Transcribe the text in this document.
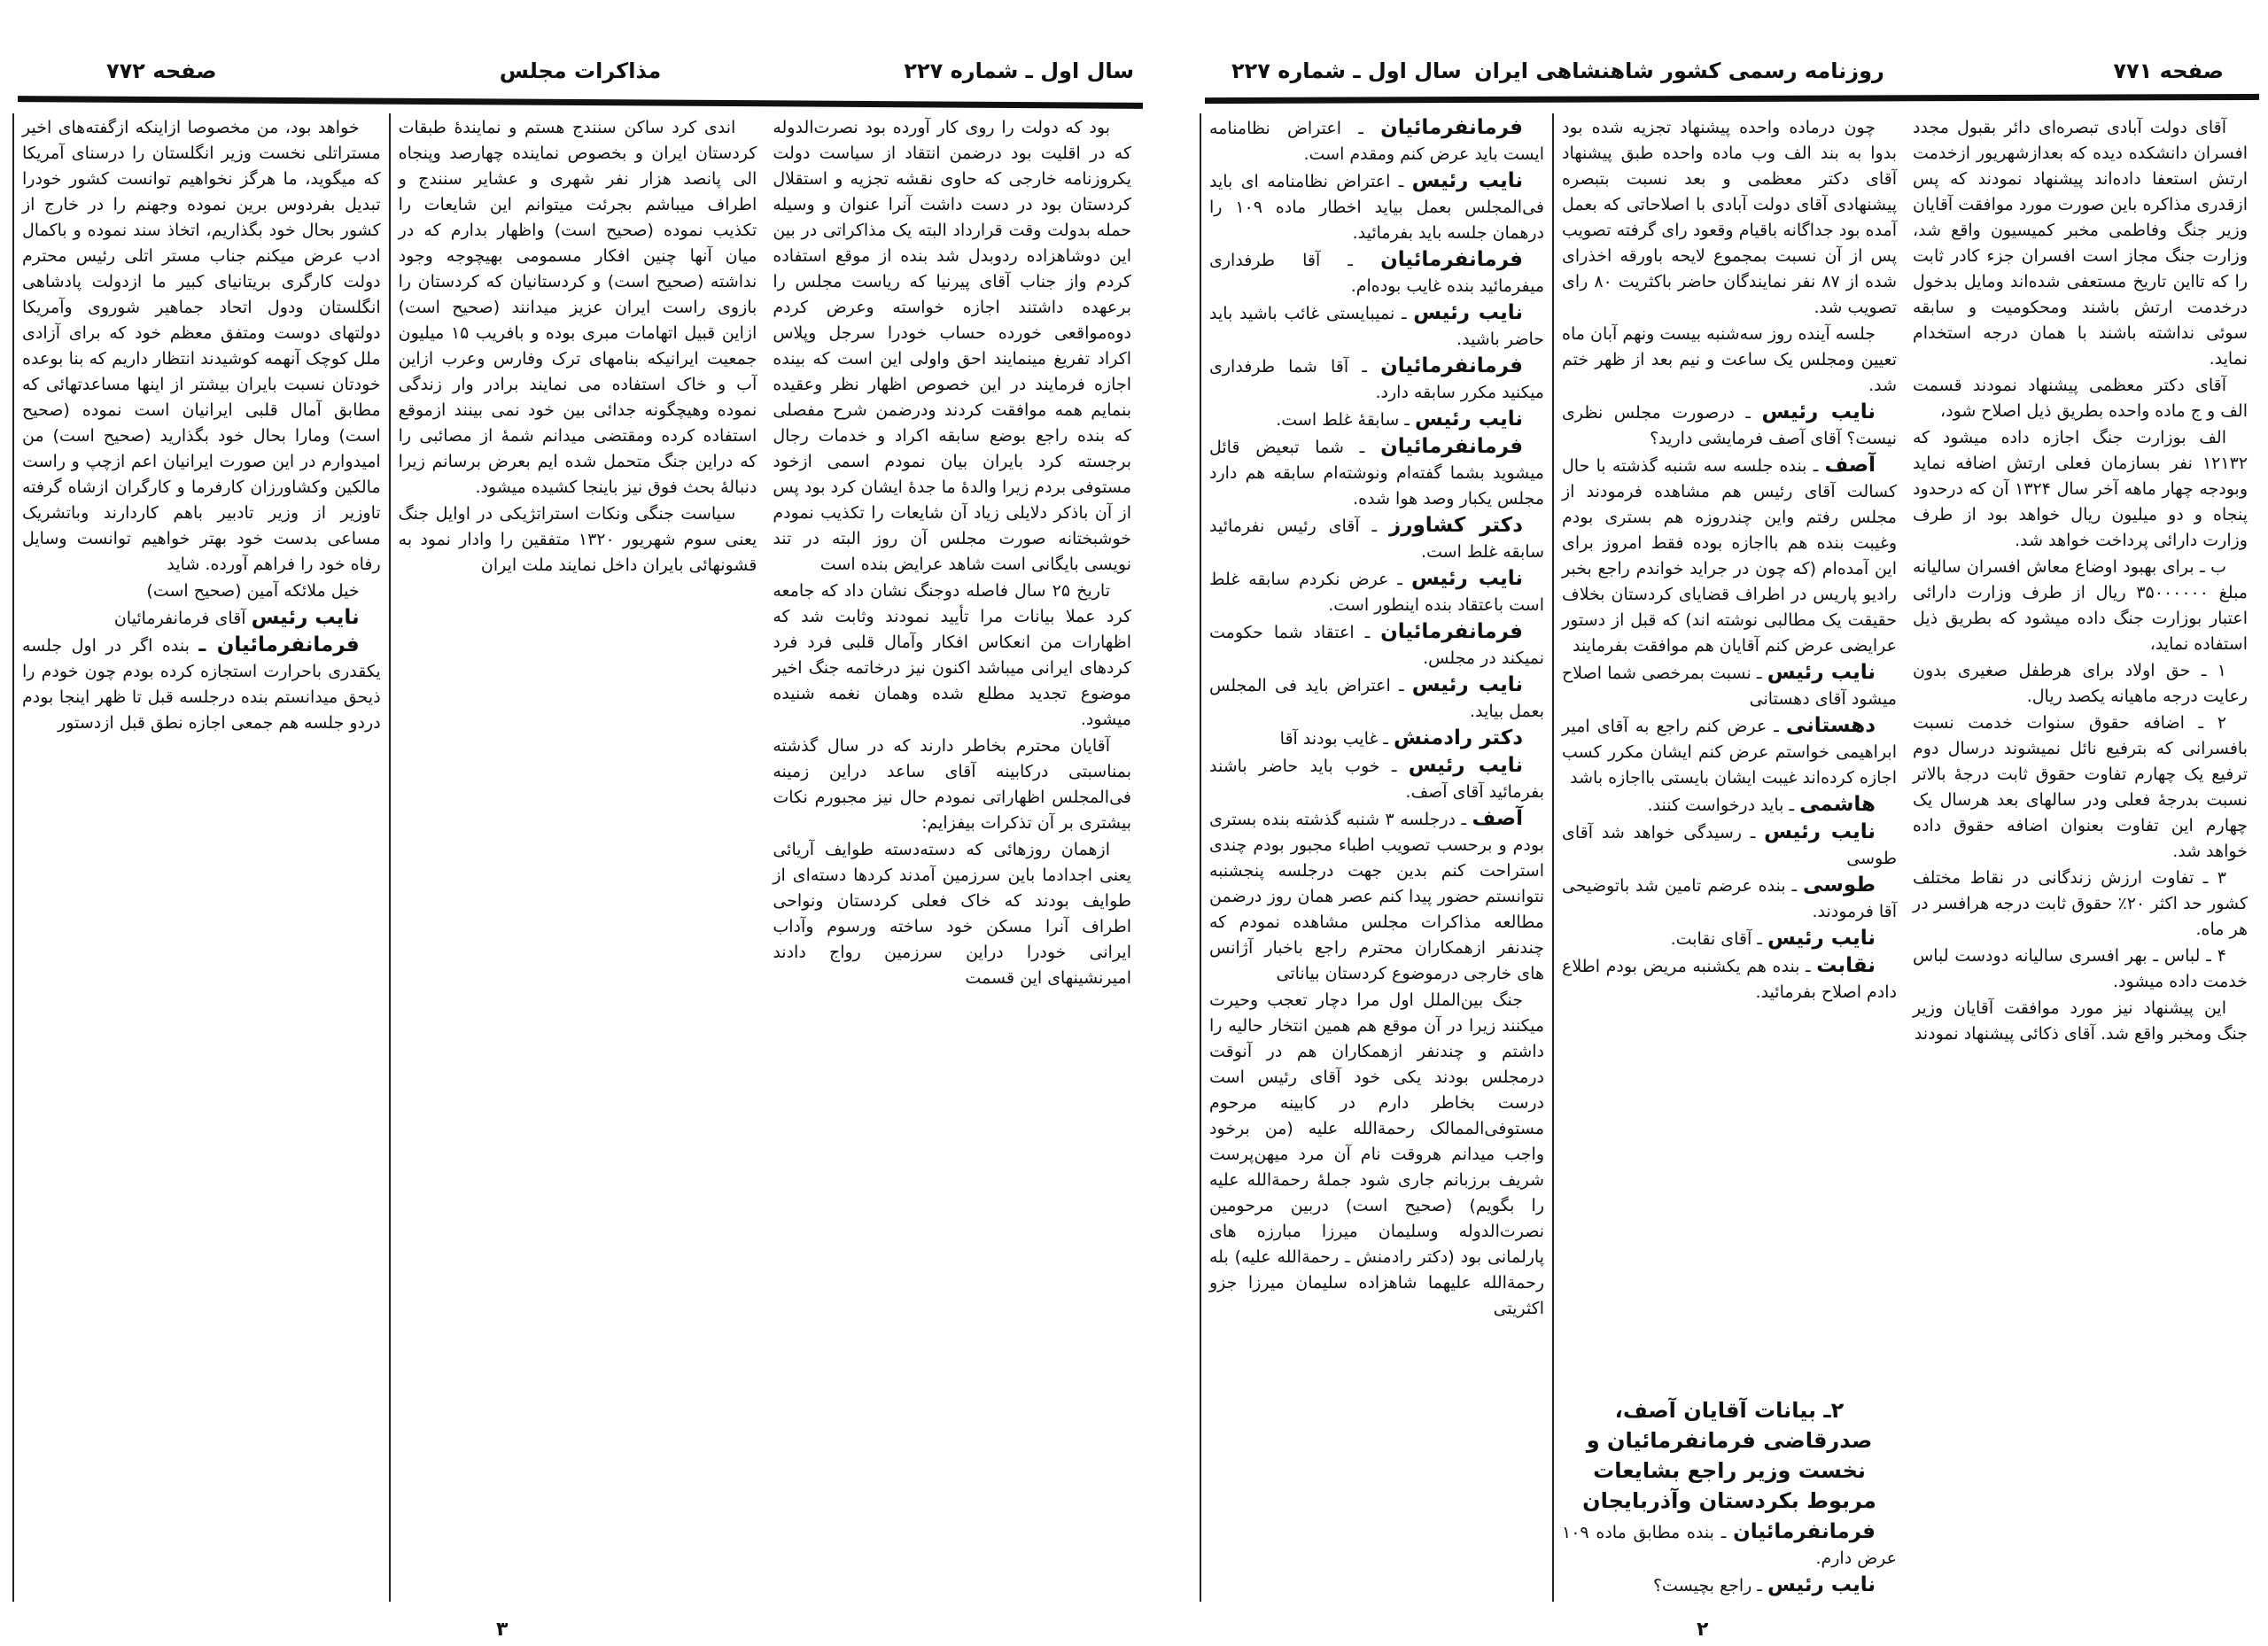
سال اول ـ شماره ۲۲۷
مذاکرات مجلس
صفحه ۷۷۲

بود که دولت را روی کار آورده بود نصرت‌الدوله که در اقلیت بود درضمن انتقاد از سیاست دولت یکروزنامه خارجی که حاوی نقشه تجزیه و استقلال کردستان بود در دست داشت آنرا عنوان و وسیله حمله بدولت وقت قرارداد البته یک مذاکراتی در بین این دوشاهزاده ردوبدل شد بنده از موقع استفاده کردم واز جناب آقای پیرنیا که ریاست مجلس را برعهده داشتند اجازه خواسته وعرض کردم دوه‌مواقعی خورده حساب خودرا سرجل وپلاس اکراد تفریغ مینمایند احق واولی این است که بینده اجازه فرمایند در این خصوص اظهار نظر وعقیده بنمایم همه موافقت کردند ودرضمن شرح مفصلی که بنده راجع بوضع سابقه اکراد و خدمات رجال برجسته کرد بایران بیان نمودم اسمی ازخود مستوفی بردم زیرا والدهٔ ما جدهٔ ایشان کرد بود پس از آن باذکر دلایلی زیاد آن شایعات را تکذیب نمودم خوشبختانه صورت مجلس آن روز البته در تند نویسی بایگانی است شاهد عرایض بنده است

تاریخ ۲۵ سال فاصله دوجنگ نشان داد که جامعه کرد عملا بیانات مرا تأیید نمودند وثابت شد که اظهارات من انعکاس افکار وآمال قلبی فرد فرد کردهای ایرانی میباشد اکنون نیز درخاتمه جنگ اخیر موضوع تجدید مطلع شده وهمان نغمه شنیده میشود.

آقایان محترم بخاطر دارند که در سال گذشته بمناسبتی درکابینه آقای ساعد دراین زمینه فی‌المجلس اظهاراتی نمودم حال نیز مجبورم نکات بیشتری بر آن تذکرات بیفزایم:

ازهمان روزهائی که دسته‌دسته طوایف آریائی یعنی اجدادما باین سرزمین آمدند کردها دسته‌ای از طوایف بودند که خاک فعلی کردستان ونواحی اطراف آنرا مسکن خود ساخته ورسوم وآداب ایرانی خودرا دراین سرزمین رواج دادند امیرنشینهای این قسمت

اندی کرد ساکن سنندج هستم و نمایندهٔ طبقات کردستان ایران و بخصوص نماینده چهارصد وپنجاه الی پانصد هزار نفر شهری و عشایر سنندج و اطراف میباشم بجرئت میتوانم این شایعات را تکذیب نموده (صحیح است) واظهار بدارم که در میان آنها چنین افکار مسمومی بهیچوجه وجود نداشته (صحیح است) و کردستانیان که کردستان را بازوی راست ایران عزیز میدانند (صحیح است) ازاین قبیل اتهامات مبری بوده و بافریب ۱۵ میلیون جمعیت ایرانیکه بنامهای ترک وفارس وعرب ازاین آب و خاک استفاده می نمایند برادر وار زندگی نموده وهیچگونه جدائی بین خود نمی بینند ازموقع استفاده کرده ومقتضی میدانم شمهٔ از مصائبی را که دراین جنگ متحمل شده ایم بعرض برسانم زیرا دنبالهٔ بحث فوق نیز باینجا کشیده میشود.

سیاست جنگی ونکات استراتژیکی در اوایل جنگ یعنی سوم شهریور ۱۳۲۰ متفقین را وادار نمود به قشونهائی بایران داخل نمایند ملت ایران

خواهد بود، من مخصوصا ازاینکه ازگفته‌های اخیر مستراتلی نخست وزیر انگلستان را درسنای آمریکا که میگوید، ما هرگز نخواهیم توانست کشور خودرا تبدیل بفردوس برین نموده وجهنم را در خارج از کشور بحال خود بگذاریم، اتخاذ سند نموده و باکمال ادب عرض میکنم جناب مستر اتلی رئیس محترم دولت کارگری بریتانیای کبیر ما ازدولت پادشاهی انگلستان ودول اتحاد جماهیر شوروی وآمریکا دولتهای دوست ومتفق معظم خود که برای آزادی ملل کوچک آنهمه کوشیدند انتظار داریم که بنا بوعده خودتان نسبت بایران بیشتر از اینها مساعدتهائی که مطابق آمال قلبی ایرانیان است نموده (صحیح است) ومارا بحال خود بگذارید (صحیح است) من امیدوارم در این صورت ایرانیان اعم ازچپ و راست مالکین وکشاورزان کارفرما و کارگران ازشاه گرفته تاوزیر از وزیر تادبیر باهم کاردارند وباتشریک مساعی بدست خود بهتر خواهیم توانست وسایل رفاه خود را فراهم آورده. شاید

خیل ملائکه آمین (صحیح است)

نایب رئیس آقای فرمانفرمائیان

فرمانفرمائیان ـ بنده اگر در اول جلسه یکقدری باحرارت استجازه کرده بودم چون خودم را ذیحق میدانستم بنده درجلسه قبل تا ظهر اینجا بودم دردو جلسه هم جمعی اجازه نطق قبل ازدستور

۳
سال اول ـ شماره ۲۲۷ روزنامه رسمی کشور شاهنشاهی ایران	صفحه ۷۷۱

آقای دولت آبادی تبصره‌ای دائر بقبول مجدد افسران دانشکده دیده که بعدازشهریور ازخدمت ارتش استعفا داده‌اند پیشنهاد نمودند که پس ازقدری مذاکره باین صورت مورد موافقت آقایان وزیر جنگ وفاطمی مخبر کمیسیون واقع شد، وزارت جنگ مجاز است افسران جزء کادر ثابت را که تااین تاریخ مستعفی شده‌اند ومایل بدخول درخدمت ارتش باشند ومحکومیت و سابقه سوئی نداشته باشند با همان درجه استخدام نماید.

آقای دکتر معظمی پیشنهاد نمودند قسمت الف و ج ماده واحده بطریق ذیل اصلاح شود،

الف بوزارت جنگ اجازه داده میشود که ۱۲۱۳۲ نفر بسازمان فعلی ارتش اضافه نماید وبودجه چهار ماهه آخر سال ۱۳۲۴ آن که درحدود پنجاه و دو میلیون ریال خواهد بود از طرف وزارت دارائی پرداخت خواهد شد.

ب ـ برای بهبود اوضاع معاش افسران سالیانه مبلغ ۳۵۰۰۰۰۰۰ ریال از طرف وزارت دارائی اعتبار بوزارت جنگ داده میشود که بطریق ذیل استفاده نماید،

۱ ـ حق اولاد برای هرطفل صغیری بدون رعایت درجه ماهیانه یکصد ریال.

۲ ـ اضافه حقوق سنوات خدمت نسبت بافسرانی که بترفیع نائل نمیشوند درسال دوم ترفیع یک چهارم تفاوت حقوق ثابت درجهٔ بالاتر نسبت بدرجهٔ فعلی ودر سالهای بعد هرسال یک چهارم این تفاوت بعنوان اضافه حقوق داده خواهد شد.

۳ ـ تفاوت ارزش زندگانی در نقاط مختلف کشور حد اکثر ۲۰٪ حقوق ثابت درجه هرافسر در هر ماه.

۴ ـ لباس ـ بهر افسری سالیانه دودست لباس خدمت داده میشود.

این پیشنهاد نیز مورد موافقت آقایان وزیر جنگ ومخبر واقع شد. آقای ذکائی پیشنهاد نمودند

چون درماده واحده پیشنهاد تجزیه شده بود بدوا به بند الف وب ماده واحده طبق پیشنهاد آقای دکتر معظمی و بعد نسبت بتبصره پیشنهادی آقای دولت آبادی با اصلاحاتی که بعمل آمده بود جداگانه باقیام وقعود رای گرفته تصویب پس از آن نسبت بمجموع لایحه باورقه اخذرای شده از ۸۷ نفر نمایندگان حاضر باکثریت ۸۰ رای تصویب شد.

جلسه آینده روز سه‌شنبه بیست ونهم آبان ماه تعیین ومجلس یک ساعت و نیم بعد از ظهر ختم شد.

نایب رئیس ـ درصورت مجلس نظری نیست؟ آقای آصف فرمایشی دارید؟

آصف ـ بنده جلسه سه شنبه گذشته با حال کسالت آقای رئیس هم مشاهده فرمودند از مجلس رفتم واین چندروزه هم بستری بودم وغیبت بنده هم بااجازه بوده فقط امروز برای این آمده‌ام (که چون در جراید خواندم راجع بخبر رادیو پاریس در اطراف قضایای کردستان بخلاف حقیقت یک مطالبی نوشته اند) که قبل از دستور عرایضی عرض کنم آقایان هم موافقت بفرمایند

نایب رئیس ـ نسبت بمرخصی شما اصلاح میشود آقای دهستانی

دهستانی ـ عرض کنم راجع به آقای امیر ابراهیمی خواستم عرض کنم ایشان مکرر کسب اجازه کرده‌اند غیبت ایشان بایستی بااجازه باشد

هاشمی ـ باید درخواست کنند.

نایب رئیس ـ رسیدگی خواهد شد آقای طوسی

طوسی ـ بنده عرضم تامین شد باتوضیحی آقا فرمودند.

نایب رئیس ـ آقای نقابت.

نقابت ـ بنده هم یکشنبه مریض بودم اطلاع دادم اصلاح بفرمائید.

۲ـ بیانات آقایان آصف، صدرقاضی فرمانفرمائیان و نخست وزیر راجع بشایعات مربوط بکردستان وآذربایجان

فرمانفرمائیان ـ بنده مطابق ماده ۱۰۹ عرض دارم.

نایب رئیس ـ راجع بچیست؟

فرمانفرمائیان ـ اعتراض نظامنامه ایست باید عرض کنم ومقدم است.

نایب رئیس ـ اعتراض نظامنامه ای باید فی‌المجلس بعمل بیاید اخطار ماده ۱۰۹ را درهمان جلسه باید بفرمائید.

فرمانفرمائیان ـ آقا طرفداری میفرمائید بنده غایب بوده‌ام.

نایب رئیس ـ نمیبایستی غائب باشید باید حاضر باشید.

فرمانفرمائیان ـ آقا شما طرفداری میکنید مکرر سابقه دارد.

نایب رئیس ـ سابقهٔ غلط است.

فرمانفرمائیان ـ شما تبعیض قائل میشوید بشما گفته‌ام ونوشته‌ام سابقه هم دارد مجلس یکبار وصد هوا شده.

دکتر کشاورز ـ آقای رئیس نفرمائید سابقه غلط است.

نایب رئیس ـ عرض نکردم سابقه غلط است باعتقاد بنده اینطور است.

فرمانفرمائیان ـ اعتقاد شما حکومت نمیکند در مجلس.

نایب رئیس ـ اعتراض باید فی المجلس بعمل بیاید.

دکتر رادمنش ـ غایب بودند آقا

نایب رئیس ـ خوب باید حاضر باشند بفرمائید آقای آصف.

آصف ـ درجلسه ۳ شنبه گذشته بنده بستری بودم و برحسب تصویب اطباء مجبور بودم چندی استراحت کنم بدین جهت درجلسه پنجشنبه نتوانستم حضور پیدا کنم عصر همان روز درضمن مطالعه مذاکرات مجلس مشاهده نمودم که چندنفر ازهمکاران محترم راجع باخبار آژانس های خارجی درموضوع کردستان بیاناتی

جنگ بین‌الملل اول مرا دچار تعجب وحیرت میکنند زیرا در آن موقع هم همین انتخار حالیه را داشتم و چندنفر ازهمکاران هم در آنوقت درمجلس بودند یکی خود آقای رئیس است درست بخاطر دارم در کابینه مرحوم مستوفی‌الممالک رحمة‌الله علیه (من برخود واجب میدانم هروقت نام آن مرد میهن‌پرست شریف برزبانم جاری شود جملهٔ رحمة‌الله علیه را بگویم) (صحیح است) دربین مرحومین نصرت‌الدوله وسلیمان میرزا مبارزه های پارلمانی بود (دکتر رادمنش ـ رحمة‌الله علیه) بله رحمة‌الله علیهما شاهزاده سلیمان میرزا جزو اکثریتی

۲
